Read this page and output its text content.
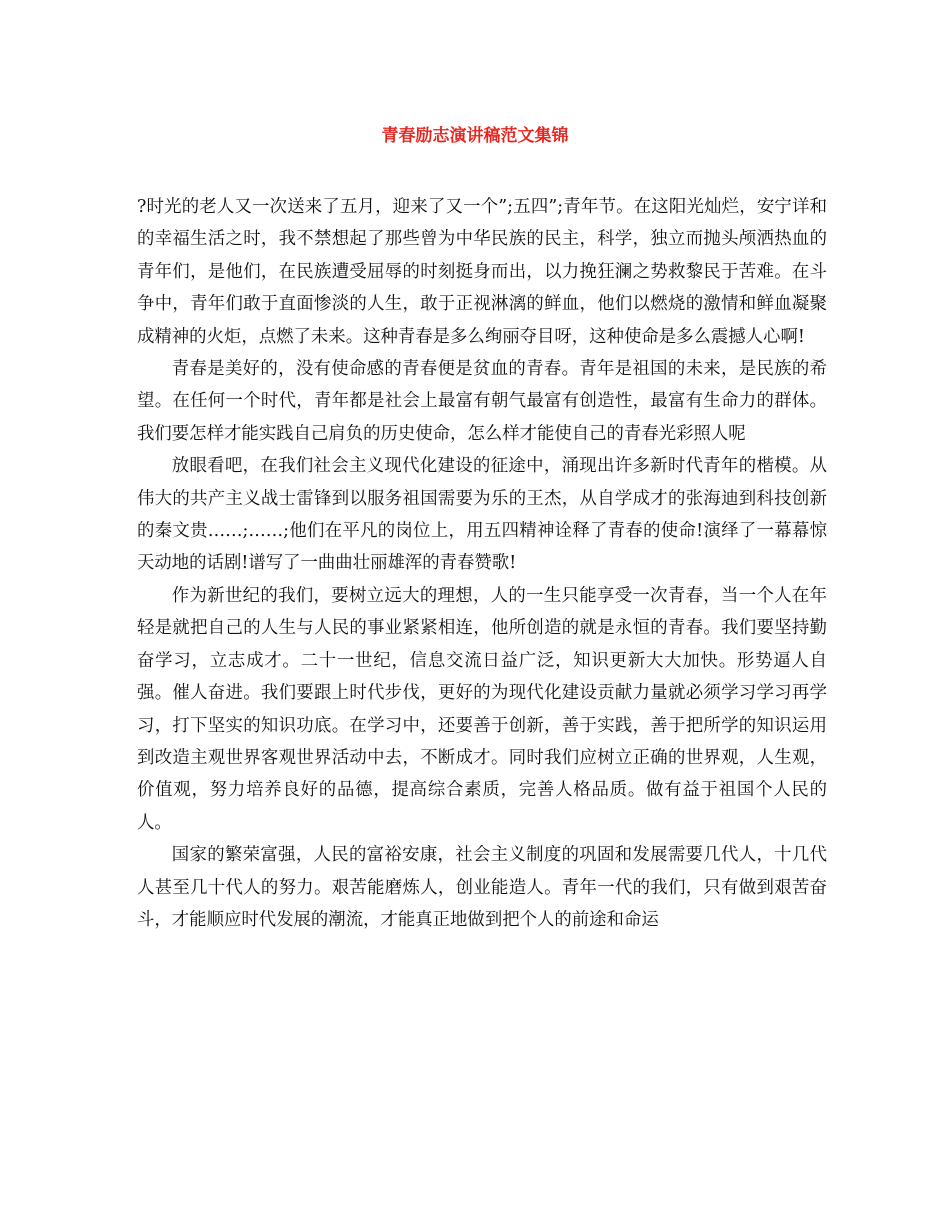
青春励志演讲稿范文集锦

?时光的老人又一次送来了五月，迎来了又一个”;五四”;青年节。在这阳光灿烂，安宁详和的幸福生活之时，我不禁想起了那些曾为中华民族的民主，科学，独立而抛头颅洒热血的青年们，是他们，在民族遭受屈辱的时刻挺身而出，以力挽狂澜之势救黎民于苦难。在斗争中，青年们敢于直面惨淡的人生，敢于正视淋漓的鲜血，他们以燃烧的激情和鲜血凝聚成精神的火炬，点燃了未来。这种青春是多么绚丽夺目呀，这种使命是多么震撼人心啊!

青春是美好的，没有使命感的青春便是贫血的青春。青年是祖国的未来，是民族的希望。在任何一个时代，青年都是社会上最富有朝气最富有创造性，最富有生命力的群体。我们要怎样才能实践自己肩负的历史使命，怎么样才能使自己的青春光彩照人呢

放眼看吧，在我们社会主义现代化建设的征途中，涌现出许多新时代青年的楷模。从伟大的共产主义战士雷锋到以服务祖国需要为乐的王杰，从自学成才的张海迪到科技创新的秦文贵……;……;他们在平凡的岗位上，用五四精神诠释了青春的使命!演绎了一幕幕惊天动地的话剧!谱写了一曲曲壮丽雄浑的青春赞歌!

作为新世纪的我们，要树立远大的理想，人的一生只能享受一次青春，当一个人在年轻是就把自己的人生与人民的事业紧紧相连，他所创造的就是永恒的青春。我们要坚持勤奋学习，立志成才。二十一世纪，信息交流日益广泛，知识更新大大加快。形势逼人自强。催人奋进。我们要跟上时代步伐，更好的为现代化建设贡献力量就必须学习学习再学习，打下坚实的知识功底。在学习中，还要善于创新，善于实践，善于把所学的知识运用到改造主观世界客观世界活动中去，不断成才。同时我们应树立正确的世界观，人生观，价值观，努力培养良好的品德，提高综合素质，完善人格品质。做有益于祖国个人民的人。

国家的繁荣富强，人民的富裕安康，社会主义制度的巩固和发展需要几代人，十几代人甚至几十代人的努力。艰苦能磨炼人，创业能造人。青年一代的我们，只有做到艰苦奋斗，才能顺应时代发展的潮流，才能真正地做到把个人的前途和命运
